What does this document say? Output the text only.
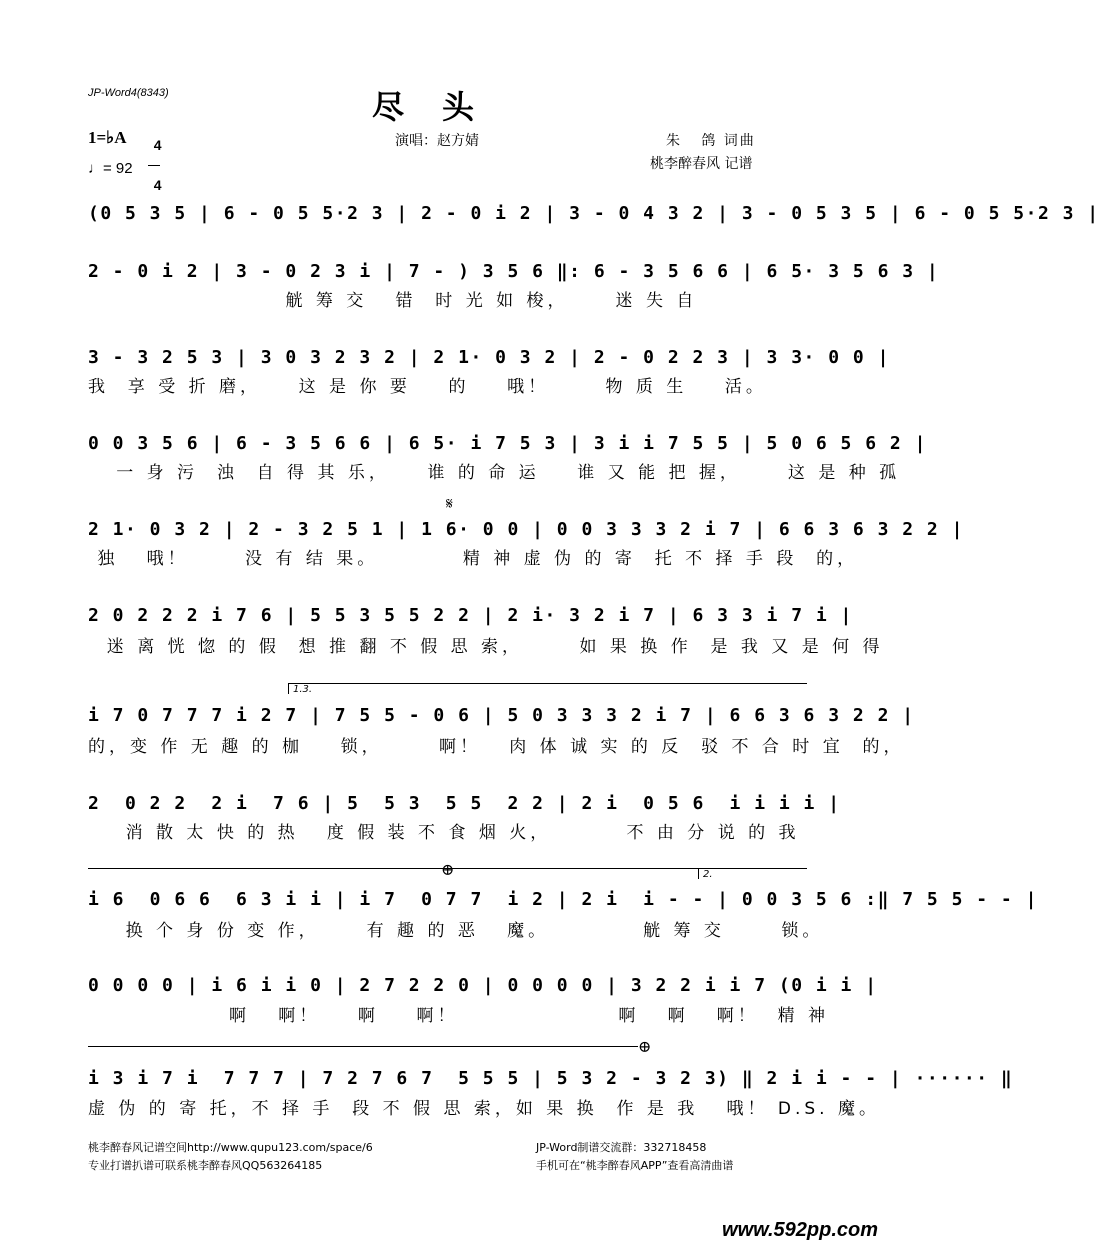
JP-Word4(8343)	尽头
1=♭A	4

4

♩= 92
演唱：赵方婧	朱   鸽 词曲
桃李醉春风 记谱
(0 5 3 5 | 6 - 0 5 5·2 3 | 2 - 0 i 2 | 3 - 0 4 3 2 | 3 - 0 5 3 5 | 6 - 0 5 5·2 3 |
2 - 0 i 2 | 3 - 0 2 3 i | 7 - ) 3 5 6 ‖: 6 - 3 5 6 6 | 6 5· 3 5 6 3 |
觥 筹 交   错  时 光 如 梭，     迷 失 自
3 - 3 2 5 3 | 3 0 3 2 3 2 | 2 1· 0 3 2 | 2 - 0 2 2 3 | 3 3· 0 0 |
我  享 受 折 磨，    这 是 你 要    的    哦！      物 质 生    活。
0 0 3 5 6 | 6 - 3 5 6 6 | 6 5· i 7 5 3 | 3 i i 7 5 5 | 5 0 6 5 6 2 |
一 身 污  浊  自 得 其 乐，    谁 的 命 运    谁 又 能 把 握，     这 是 种 孤
𝄋
2 1· 0 3 2 | 2 - 3 2 5 1 | 1 6· 0 0 | 0 0 3 3 3 2 i 7 | 6 6 3 6 3 2 2 |
独   哦！      没 有 结 果。         精 神 虚 伪 的 寄  托 不 择 手 段  的，
2 0 2 2 2 i 7 6 | 5 5 3 5 5 2 2 | 2 i· 3 2 i 7 | 6 3 3 i 7 i |
迷 离 恍 惚 的 假  想 推 翻 不 假 思 索，      如 果 换 作  是 我 又 是 何 得
1.3.
i 7 0 7 7 7 i 2 7 | 7 5 5 - 0 6 | 5 0 3 3 3 2 i 7 | 6 6 3 6 3 2 2 |
的，变 作 无 趣 的 枷    锁，      啊！   肉 体 诚 实 的 反  驳 不 合 时 宜  的，
2  0 2 2  2 i  7 6 | 5  5 3  5 5  2 2 | 2 i  0 5 6  i i i i |
消 散 太 快 的 热   度 假 装 不 食 烟 火，        不 由 分 说 的 我
⊕	2.
i 6  0 6 6  6 3 i i | i 7  0 7 7  i 2 | 2 i  i - - | 0 0 3 5 6 :‖ 7 5 5 - - |
换 个 身 份 变 作，     有 趣 的 恶   魔。          觥 筹 交      锁。
0 0 0 0 | i 6 i i 0 | 2 7 2 2 0 | 0 0 0 0 | 3 2 2 i i 7 (0 i i |
啊   啊！    啊    啊！                 啊   啊   啊！  精 神
⊕
i 3 i 7 i  7 7 7 | 7 2 7 6 7  5 5 5 | 5 3 2 - 3 2 3) ‖ 2 i i - - | ······ ‖
虚 伪 的 寄 托，不 择 手  段 不 假 思 索，如 果 换  作 是 我   哦！ D.S. 魔。
桃李醉春风记谱空间http://www.qupu123.com/space/6
专业打谱扒谱可联系桃李醉春风QQ563264185
JP-Word制谱交流群：332718458
手机可在“桃李醉春风APP”查看高清曲谱
www.592pp.com
